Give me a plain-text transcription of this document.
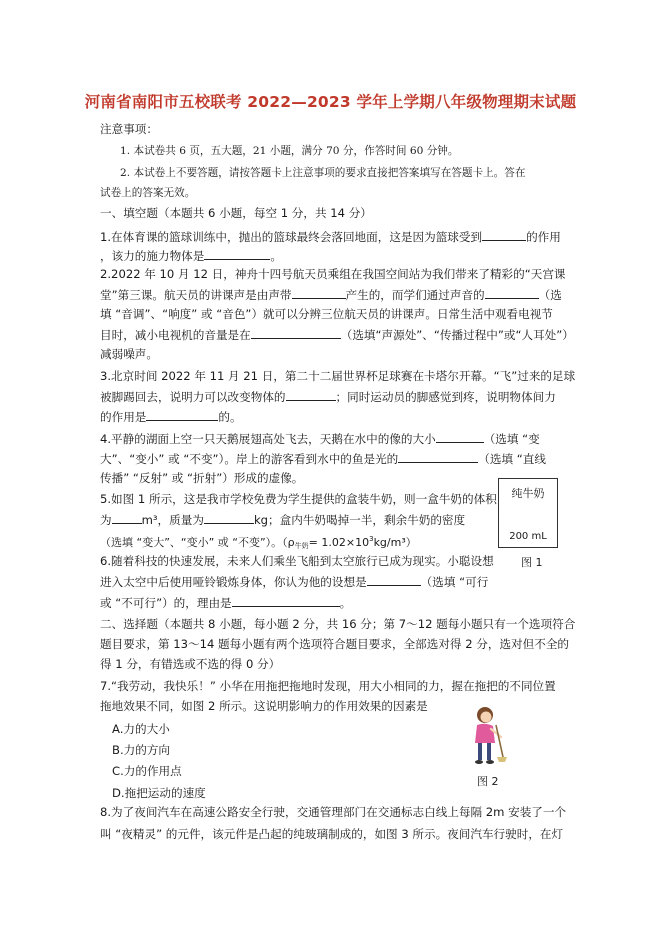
河南省南阳市五校联考 2022—2023 学年上学期八年级物理期末试题
注意事项：
1. 本试卷共 6 页，五大题，21 小题，满分 70 分，作答时间 60 分钟。
2. 本试卷上不要答题，请按答题卡上注意事项的要求直接把答案填写在答题卡上。答在
试卷上的答案无效。
一、填空题（本题共 6 小题，每空 1 分，共 14 分）
1.在体育课的篮球训练中，抛出的篮球最终会落回地面，这是因为篮球受到	的作用
，该力的施力物体是	。
2.2022 年 10 月 12 日，神舟十四号航天员乘组在我国空间站为我们带来了精彩的“天宫课
堂”第三课。航天员的讲课声是由声带	产生的，而学们通过声音的	（选
填 “音调”、“响度” 或 “音色”）就可以分辨三位航天员的讲课声。日常生活中观看电视节
目时，减小电视机的音量是在	（选填“声源处”、“传播过程中”或“人耳处”）
减弱噪声。
3.北京时间 2022 年 11 月 21 日，第二十二届世界杯足球赛在卡塔尔开幕。“飞”过来的足球
被脚踢回去，说明力可以改变物体的	；同时运动员的脚感觉到疼，说明物体间力
的作用是	的。
4.平静的湖面上空一只天鹅展翅高处飞去，天鹅在水中的像的大小	（选填 “变
大”、“变小” 或 “不变”）。岸上的游客看到水中的鱼是光的	（选填 “直线
传播” “反射” 或 “折射”）形成的虚像。
5.如图 1 所示，这是我市学校免费为学生提供的盒装牛奶，则一盒牛奶的体积
为	m³，质量为	kg；盒内牛奶喝掉一半，剩余牛奶的密度
（选填 “变大”、“变小” 或 “不变”）。$(\rho_{牛奶}= 1.02\times 10^3kg/m^3)$
纯牛奶
200 mL
图 1
6.随着科技的快速发展，未来人们乘坐飞船到太空旅行已成为现实。小聪设想
进入太空中后使用哑铃锻炼身体，你认为他的设想是	（选填 “可行
或 “不可行”）的，理由是	。
二、选择题（本题共 8 小题，每小题 2 分，共 16 分；第 7～12 题每小题只有一个选项符合
题目要求，第 13～14 题每小题有两个选项符合题目要求，全部选对得 2 分，选对但不全的
得 1 分，有错选或不选的得 0 分）
7.“我劳动，我快乐！” 小华在用拖把拖地时发现，用大小相同的力，握在拖把的不同位置
拖地效果不同，如图 2 所示。这说明影响力的作用效果的因素是
A.力的大小
B.力的方向
C.力的作用点
D.拖把运动的速度
图 2
8.为了夜间汽车在高速公路安全行驶，交通管理部门在交通标志白线上每隔 2m 安装了一个
叫 “夜精灵” 的元件，该元件是凸起的纯玻璃制成的，如图 3 所示。夜间汽车行驶时，在灯
